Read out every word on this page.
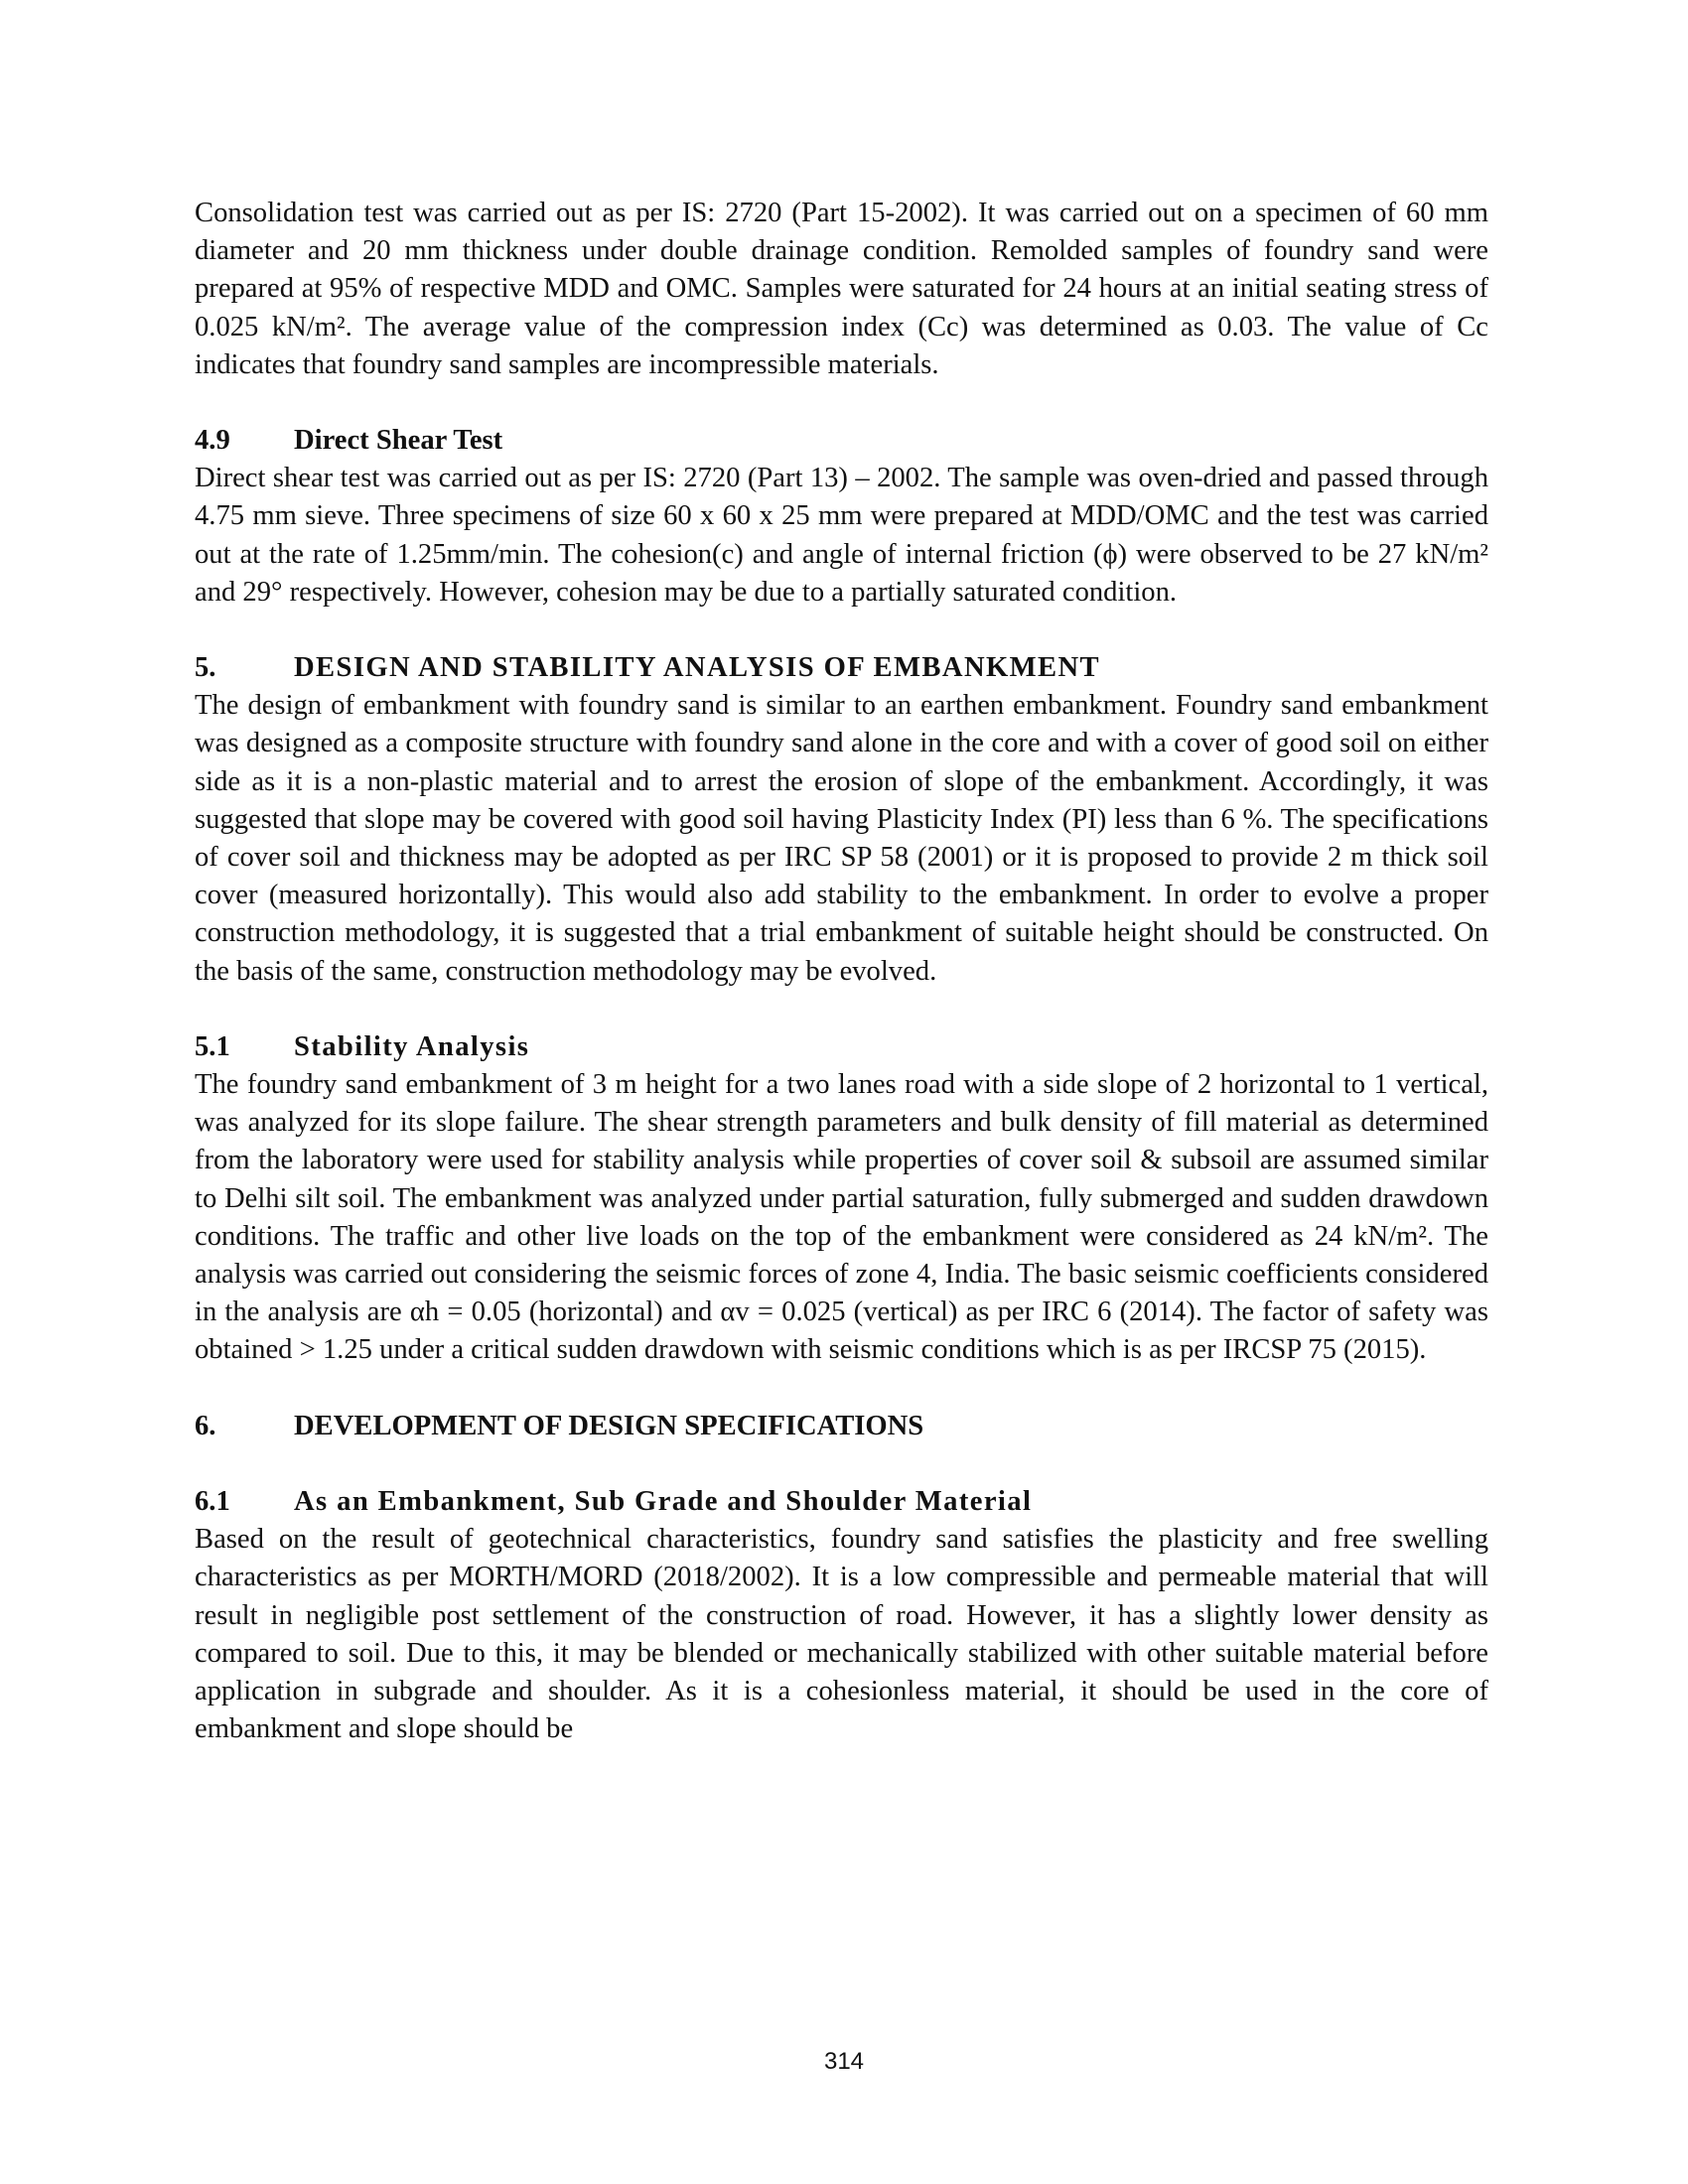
Consolidation test was carried out as per IS: 2720 (Part 15-2002). It was carried out on a specimen of 60 mm diameter and 20 mm thickness under double drainage condition. Remolded samples of foundry sand were prepared at 95% of respective MDD and OMC. Samples were saturated for 24 hours at an initial seating stress of 0.025 kN/m². The average value of the compression index (Cc) was determined as 0.03. The value of Cc indicates that foundry sand samples are incompressible materials.

4.9	Direct Shear Test

Direct shear test was carried out as per IS: 2720 (Part 13) – 2002. The sample was oven-dried and passed through 4.75 mm sieve. Three specimens of size 60 x 60 x 25 mm were prepared at MDD/OMC and the test was carried out at the rate of 1.25mm/min. The cohesion(c) and angle of internal friction (ϕ) were observed to be 27 kN/m² and 29° respectively. However, cohesion may be due to a partially saturated condition.

5.	DESIGN AND STABILITY ANALYSIS OF EMBANKMENT

The design of embankment with foundry sand is similar to an earthen embankment. Foundry sand embankment was designed as a composite structure with foundry sand alone in the core and with a cover of good soil on either side as it is a non-plastic material and to arrest the erosion of slope of the embankment. Accordingly, it was suggested that slope may be covered with good soil having Plasticity Index (PI) less than 6 %. The specifications of cover soil and thickness may be adopted as per IRC SP 58 (2001) or it is proposed to provide 2 m thick soil cover (measured horizontally). This would also add stability to the embankment. In order to evolve a proper construction methodology, it is suggested that a trial embankment of suitable height should be constructed. On the basis of the same, construction methodology may be evolved.

5.1	Stability Analysis

The foundry sand embankment of 3 m height for a two lanes road with a side slope of 2 horizontal to 1 vertical, was analyzed for its slope failure. The shear strength parameters and bulk density of fill material as determined from the laboratory were used for stability analysis while properties of cover soil & subsoil are assumed similar to Delhi silt soil. The embankment was analyzed under partial saturation, fully submerged and sudden drawdown conditions. The traffic and other live loads on the top of the embankment were considered as 24 kN/m². The analysis was carried out considering the seismic forces of zone 4, India. The basic seismic coefficients considered in the analysis are αh = 0.05 (horizontal) and αv = 0.025 (vertical) as per IRC 6 (2014). The factor of safety was obtained > 1.25 under a critical sudden drawdown with seismic conditions which is as per IRCSP 75 (2015).

6.	DEVELOPMENT OF DESIGN SPECIFICATIONS
6.1	As an Embankment, Sub Grade and Shoulder Material

Based on the result of geotechnical characteristics, foundry sand satisfies the plasticity and free swelling characteristics as per MORTH/MORD (2018/2002). It is a low compressible and permeable material that will result in negligible post settlement of the construction of road. However, it has a slightly lower density as compared to soil. Due to this, it may be blended or mechanically stabilized with other suitable material before application in subgrade and shoulder. As it is a cohesionless material, it should be used in the core of embankment and slope should be

314
